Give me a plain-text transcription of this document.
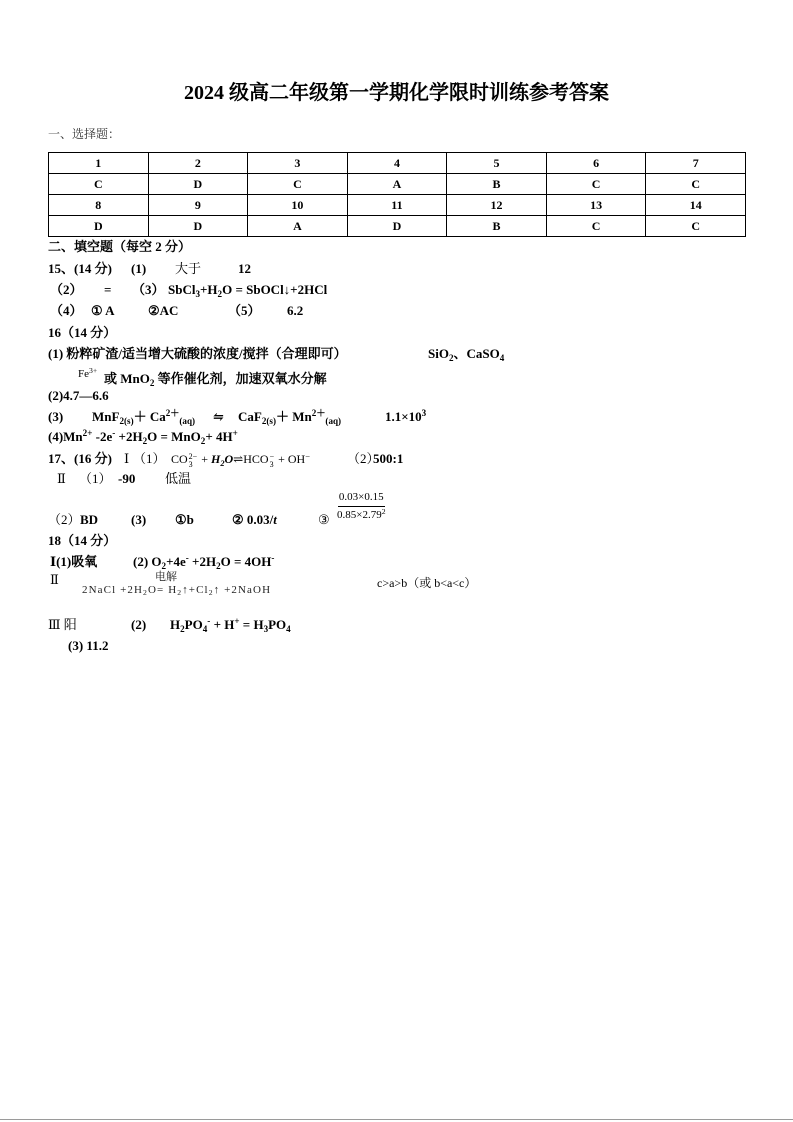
2024 级高二年级第一学期化学限时训练参考答案
一、选择题：
1	2	3	4	5	6	7
C	D	C	A	B	C	C
8	9	10	11	12	13	14
D	D	A	D	B	C	C
二、填空题（每空 2 分）
15、(14 分) (1) 大于	12
（2） = （3） $SbCl_3+H_2O$ = SbOCl↓+2HCl
（4） ① A	②AC	（5） 6.2
16（14 分）
(1) 粉粹矿渣/适当增大硫酸的浓度/搅拌（合理即可）	SiO$_2$、CaSO$_4$
$Fe^{3+}$
或 MnO$_2$ 等作催化剂，加速双氧水分解
(2)4.7—6.6
(3) $MnF_{2(s)}+ Ca^{2+}_{(aq)}$ ⇋ $CaF_{2(s)}+ Mn^{2+}_{(aq)}$	$1.1\times 10^3$
$(4)Mn^{2+}$ $-2e^- +2H_2O = MnO_2+ 4H^+$
17、(16 分) Ⅰ （1） CO 2−
$3 + H_2O\rightleftharpoons HCO$ −
3 + OH−	（2）
500:1
Ⅱ （1） -90 低温
$\frac{0.03\times 0.15}{0.85\times 2.79^2}$
（2） BD	(3) ①b	② 0.03/t	③
18（14 分）
Ⅰ(1)吸氧	(2) $O_2+4e^- +2H_2O = 4OH^-$
Ⅱ
2NaCl $+2H_2O$
电解
= $H_2↑+Cl_2↑$ +2NaOH	c>a>b（或 b<a<c）
Ⅲ 阳	(2) $H_2PO_4^- + H^+ = H_3PO_4$
(3) 11.2
